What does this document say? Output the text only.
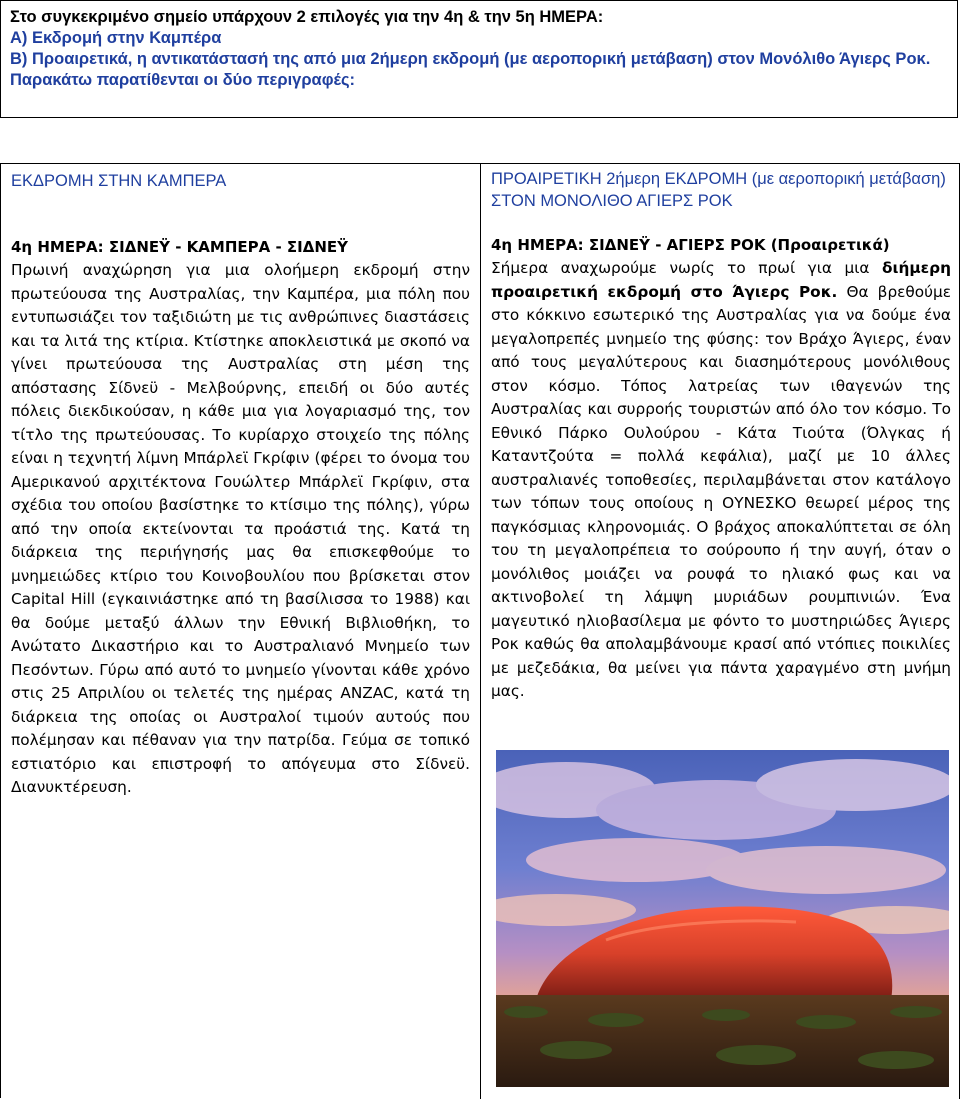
Στο συγκεκριμένο σημείο υπάρχουν 2 επιλογές για την 4η & την 5η ΗΜΕΡΑ:
Α) Εκδρομή στην Καμπέρα
Β) Προαιρετικά, η αντικατάστασή της από μια 2ήμερη εκδρομή (με αεροπορική μετάβαση) στον Μονόλιθο Άγιερς Ροκ.
Παρακάτω παρατίθενται οι δύο περιγραφές:

ΕΚΔΡΟΜΗ ΣΤΗΝ ΚΑΜΠΕΡΑ

4η ΗΜΕΡΑ: ΣΙΔΝΕΫ - ΚΑΜΠΕΡΑ - ΣΙΔΝΕΫ

Πρωινή αναχώρηση για μια ολοήμερη εκδρομή στην πρωτεύουσα της Αυστραλίας, την Καμπέρα, μια πόλη που εντυπωσιάζει τον ταξιδιώτη με τις ανθρώπινες διαστάσεις και τα λιτά της κτίρια. Κτίστηκε αποκλειστικά με σκοπό να γίνει πρωτεύουσα της Αυστραλίας στη μέση της απόστασης Σίδνεϋ - Μελβούρνης, επειδή οι δύο αυτές πόλεις διεκδικούσαν, η κάθε μια για λογαριασμό της, τον τίτλο της πρωτεύουσας. Το κυρίαρχο στοιχείο της πόλης είναι η τεχνητή λίμνη Μπάρλεϊ Γκρίφιν (φέρει το όνομα του Αμερικανού αρχιτέκτονα Γουώλτερ Μπάρλεϊ Γκρίφιν, στα σχέδια του οποίου βασίστηκε το κτίσιμο της πόλης), γύρω από την οποία εκτείνονται τα προάστιά της. Κατά τη διάρκεια της περιήγησής μας θα επισκεφθούμε το μνημειώδες κτίριο του Κοινοβουλίου που βρίσκεται στον Capital Hill (εγκαινιάστηκε από τη βασίλισσα το 1988) και θα δούμε μεταξύ άλλων την Εθνική Βιβλιοθήκη, το Ανώτατο Δικαστήριο και το Αυστραλιανό Μνημείο των Πεσόντων. Γύρω από αυτό το μνημείο γίνονται κάθε χρόνο στις 25 Απριλίου οι τελετές της ημέρας ANZAC, κατά τη διάρκεια της οποίας οι Αυστραλοί τιμούν αυτούς που πολέμησαν και πέθαναν για την πατρίδα. Γεύμα σε τοπικό εστιατόριο και επιστροφή το απόγευμα στο Σίδνεϋ. Διανυκτέρευση.

ΠΡΟΑΙΡΕΤΙΚΗ 2ήμερη ΕΚΔΡΟΜΗ (με αεροπορική μετάβαση) ΣΤΟΝ ΜΟΝΟΛΙΘΟ ΑΓΙΕΡΣ ΡΟΚ

4η ΗΜΕΡΑ: ΣΙΔΝΕΫ - ΑΓΙΕΡΣ ΡΟΚ (Προαιρετικά)

Σήμερα αναχωρούμε νωρίς το πρωί για μια διήμερη προαιρετική εκδρομή στο Άγιερς Ροκ. Θα βρεθούμε στο κόκκινο εσωτερικό της Αυστραλίας για να δούμε ένα μεγαλοπρεπές μνημείο της φύσης: τον Βράχο Άγιερς, έναν από τους μεγαλύτερους και διασημότερους μονόλιθους στον κόσμο. Τόπος λατρείας των ιθαγενών της Αυστραλίας και συρροής τουριστών από όλο τον κόσμο. Το Εθνικό Πάρκο Ουλούρου - Κάτα Τιούτα (Όλγκας ή Καταντζούτα = πολλά κεφάλια), μαζί με 10 άλλες αυστραλιανές τοποθεσίες, περιλαμβάνεται στον κατάλογο των τόπων τους οποίους η ΟΥΝΕΣΚΟ θεωρεί μέρος της παγκόσμιας κληρονομιάς. Ο βράχος αποκαλύπτεται σε όλη του τη μεγαλοπρέπεια το σούρουπο ή την αυγή, όταν ο μονόλιθος μοιάζει να ρουφά το ηλιακό φως και να ακτινοβολεί τη λάμψη μυριάδων ρουμπινιών. Ένα μαγευτικό ηλιοβασίλεμα με φόντο το μυστηριώδες Άγιερς Ροκ καθώς θα απολαμβάνουμε κρασί από ντόπιες ποικιλίες με μεζεδάκια, θα μείνει για πάντα χαραγμένο στη μνήμη μας.
